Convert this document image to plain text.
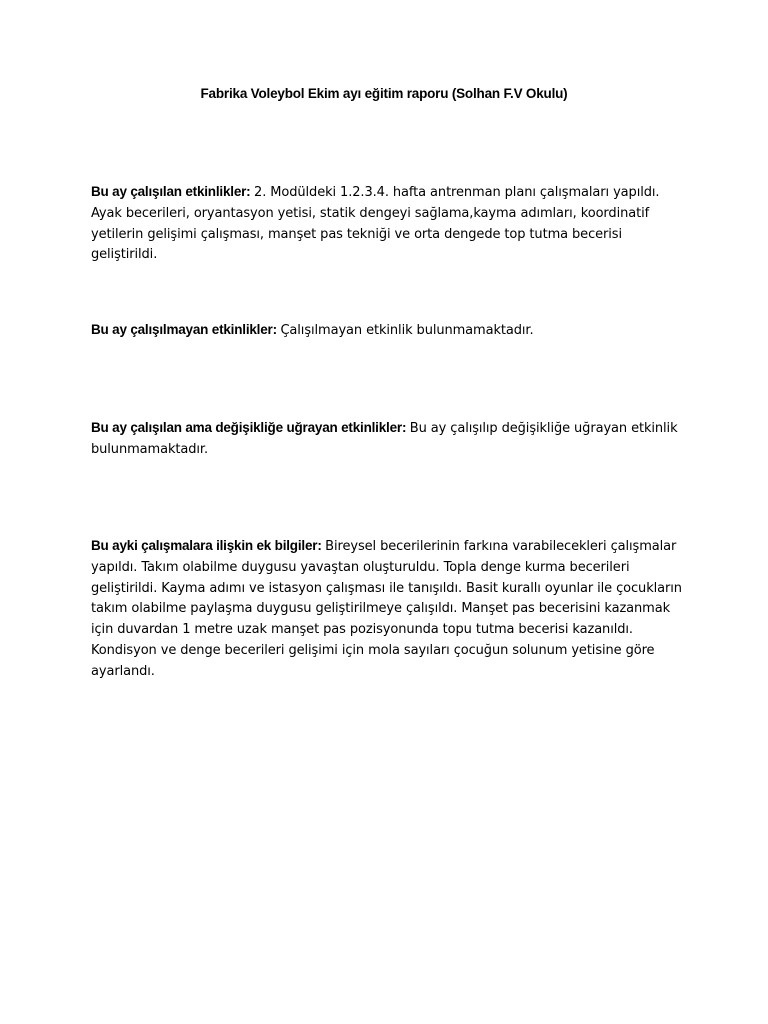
Fabrika Voleybol Ekim ayı eğitim raporu (Solhan F.V Okulu)
Bu ay çalışılan etkinlikler: 2. Modüldeki 1.2.3.4. hafta antrenman planı çalışmaları yapıldı. Ayak becerileri, oryantasyon yetisi, statik dengeyi sağlama,kayma adımları, koordinatif yetilerin gelişimi çalışması, manşet pas tekniği ve orta dengede top tutma becerisi geliştirildi.
Bu ay çalışılmayan etkinlikler: Çalışılmayan etkinlik bulunmamaktadır.
Bu ay çalışılan ama değişikliğe uğrayan etkinlikler: Bu ay çalışılıp değişikliğe uğrayan etkinlik bulunmamaktadır.
Bu ayki çalışmalara ilişkin ek bilgiler: Bireysel becerilerinin farkına varabilecekleri çalışmalar yapıldı. Takım olabilme duygusu yavaştan oluşturuldu. Topla denge kurma becerileri geliştirildi. Kayma adımı ve istasyon çalışması ile tanışıldı. Basit kurallı oyunlar ile çocukların takım olabilme paylaşma duygusu geliştirilmeye çalışıldı. Manşet pas becerisini kazanmak için duvardan 1 metre uzak manşet pas pozisyonunda topu tutma becerisi kazanıldı. Kondisyon ve denge becerileri gelişimi için mola sayıları çocuğun solunum yetisine göre ayarlandı.
